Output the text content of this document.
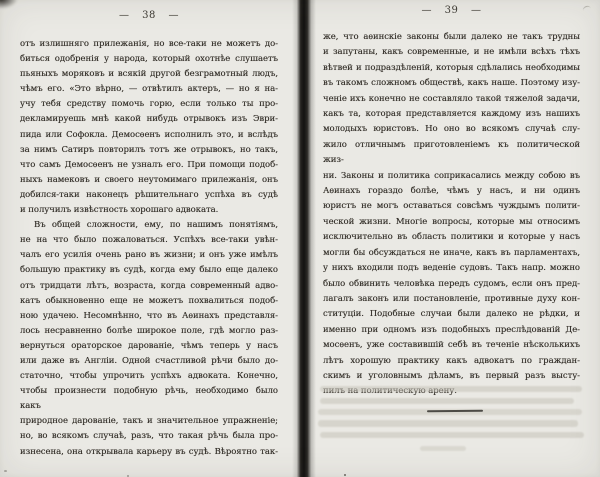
— 38 —
отъ излишняго прилежанія, но все-таки не можетъ до-
биться одобренія у народа, который охотнѣе слушаетъ
пьяныхъ моряковъ и всякій другой безграмотный людъ,
чѣмъ его. «Это вѣрно, — отвѣтилъ актеръ, — но я на-
учу тебя средству помочь горю, если только ты про-
декламируешь мнѣ какой нибудь отрывокъ изъ Эври-
пида или Софокла. Демосѳенъ исполнилъ это, и вслѣдъ
за нимъ Сатиръ повторилъ тотъ же отрывокъ, но такъ,
что самъ Демосѳенъ не узналъ его. При помощи подоб-
ныхъ намековъ и своего неутомимаго прилежанія, онъ
добился-таки наконецъ рѣшительнаго успѣха въ судѣ
и получилъ извѣстность хорошаго адвоката.
Въ общей сложности, ему, по нашимъ понятіямъ,
не на что было пожаловаться. Успѣхъ все-таки увѣн-
чалъ его усилія очень рано въ жизни; и онъ уже имѣлъ
большую практику въ судѣ, когда ему было еще далеко
отъ тридцати лѣтъ, возраста, когда современный адво-
катъ обыкновенно еще не можетъ похвалиться подоб-
ною удачею. Несомнѣнно, что въ Аѳинахъ представля-
лось несравненно болѣе широкое поле, гдѣ могло раз-
вернуться ораторское дарованіе, чѣмъ теперь у насъ
или даже въ Англіи. Одной счастливой рѣчи было до-
статочно, чтобы упрочить успѣхъ адвоката. Конечно,
чтобы произнести подобную рѣчь, необходимо было какъ
природное дарованіе, такъ и значительное упражненіе;
но, во всякомъ случаѣ, разъ, что такая рѣчь была про-
изнесена, она открывала карьеру въ судѣ. Вѣроятно так-
— 39 —
же, что аѳинскіе законы были далеко не такъ трудны
и запутаны, какъ современные, и не имѣли всѣхъ тѣхъ
вѣтвей и подраздѣленій, которыя сдѣлались необходимы
въ такомъ сложномъ обществѣ, какъ наше. Поэтому изу-
ченіе ихъ конечно не составляло такой тяжелой задачи,
какъ та, которая представляется каждому изъ нашихъ
молодыхъ юристовъ. Но оно во всякомъ случаѣ слу-
жило отличнымъ приготовленіемъ къ политической жиз-
ни. Законы и политика соприкасались между собою въ
Аѳинахъ гораздо болѣе, чѣмъ у насъ, и ни одинъ
юристъ не могъ оставаться совсѣмъ чуждымъ полити-
ческой жизни. Многіе вопросы, которые мы относимъ
исключительно въ область политики и которые у насъ
могли бы обсуждаться не иначе, какъ въ парламентахъ,
у нихъ входили подъ веденіе судовъ. Такъ напр. можно
было обвинить человѣка передъ судомъ, если онъ пред-
лагалъ законъ или постановленіе, противные духу кон-
ституціи. Подобные случаи были далеко не рѣдки, и
именно при одномъ изъ подобныхъ преслѣдованій Де-
мосѳенъ, уже составившій себѣ въ теченіе нѣсколькихъ
лѣтъ хорошую практику какъ адвокатъ по граждан-
скимъ и уголовнымъ дѣламъ, въ первый разъ высту-
